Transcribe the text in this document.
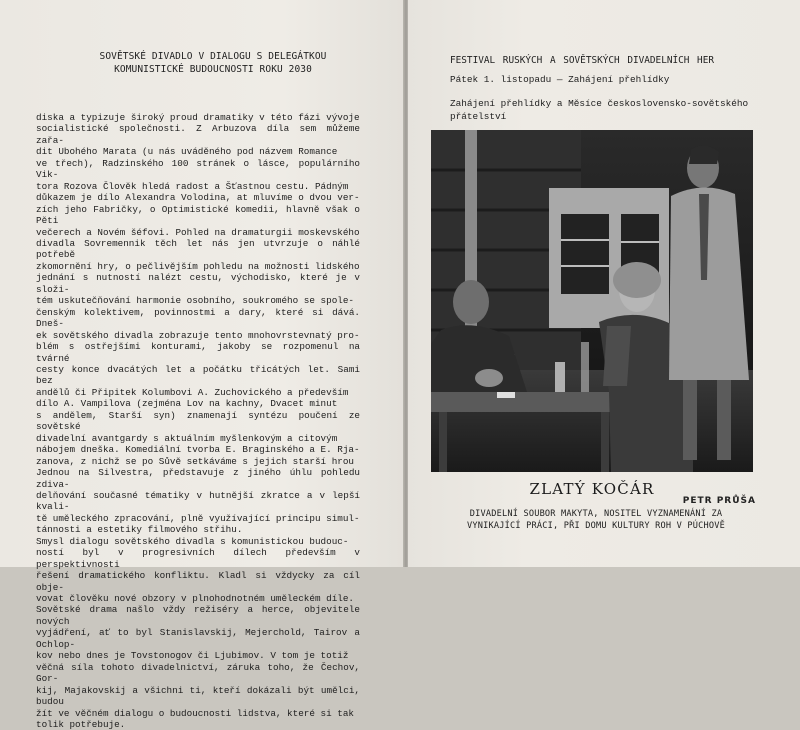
SOVĚTSKÉ DIVADLO V DIALOGU S DELEGÁTKOU
KOMUNISTICKÉ BUDOUCNOSTI ROKU 2030
diska a typizuje široký proud dramatiky v této fázi vývoje
socialistické společnosti. Z Arbuzova díla sem můžeme zařa-
dit Ubohého Marata (u nás uváděného pod názvem Romance
ve třech), Radzinského 100 stránek o lásce, populárního Vik-
tora Rozova Člověk hledá radost a Šťastnou cestu. Pádným
důkazem je dílo Alexandra Volodina, at mluvíme o dvou ver-
zích jeho Fabričky, o Optimistické komedii, hlavně však o Pěti
večerech a Novém šéfovi. Pohled na dramaturgii moskevského
divadla Sovremennik těch let nás jen utvrzuje o náhlé potřebě
zkomornění hry, o pečlivějším pohledu na možnosti lidského
jednání s nutností nalézt cestu, východisko, které je v složi-
tém uskutečňování harmonie osobního, soukromého se spole-
čenským kolektivem, povinnostmi a dary, které si dává. Dneš-
ek sovětského divadla zobrazuje tento mnohovrstevnatý pro-
blém s ostřejšími konturami, jakoby se rozpomenul na tvárné
cesty konce dvacátých let a počátku třicátých let. Sami bez
andělů či Připitek Kolumbovi A. Zuchovického a především
dílo A. Vampilova (zejména Lov na kachny, Dvacet minut
s andělem, Starší syn) znamenají syntézu poučení ze sovětské
divadelní avantgardy s aktuálním myšlenkovým a citovým
nábojem dneška. Komediální tvorba E. Braginského a E. Rja-
zanova, z nichž se po Sůvě setkáváme s jejich starší hrou
Jednou na Silvestra, představuje z jiného úhlu pohledu zdiva-
delňování současné tématiky v hutnější zkratce a v lepší kvali-
tě uměleckého zpracování, plně využívající principu simul-
tánnosti a estetiky filmového střihu.
Smysl dialogu sovětského divadla s komunistickou budouc-
ností byl v progresivních dílech především v perspektivnosti
řešení dramatického konfliktu. Kladl si vždycky za cíl obje-
vovat člověku nové obzory v plnohodnotném uměleckém díle.
Sovětské drama našlo vždy režiséry a herce, objevitele nových
vyjádření, ať to byl Stanislavskij, Mejerchold, Tairov a Ochlop-
kov nebo dnes je Tovstonogov či Ljubimov. V tom je totiž
věčná síla tohoto divadelnictví, záruka toho, že Čechov, Gor-
kij, Majakovskij a všichni ti, kteří dokázali být umělci, budou
žít ve věčném dialogu o budoucnosti lidstva, které si tak
tolik potřebuje.
PETR PRŮŠA
FESTIVAL RUSKÝCH A SOVĚTSKÝCH DIVADELNÍCH HER
Pátek 1. listopadu — Zahájení přehlídky
Zahájení přehlídky a Měsíce československo-sovětského přátelství
ZLATÝ KOČÁR
DIVADELNÍ SOUBOR MAKYTA, NOSITEL VYZNAMENÁNÍ ZA
VYNIKAJÍCÍ PRÁCI, PŘI DOMU KULTURY ROH V PÚCHOVĚ
